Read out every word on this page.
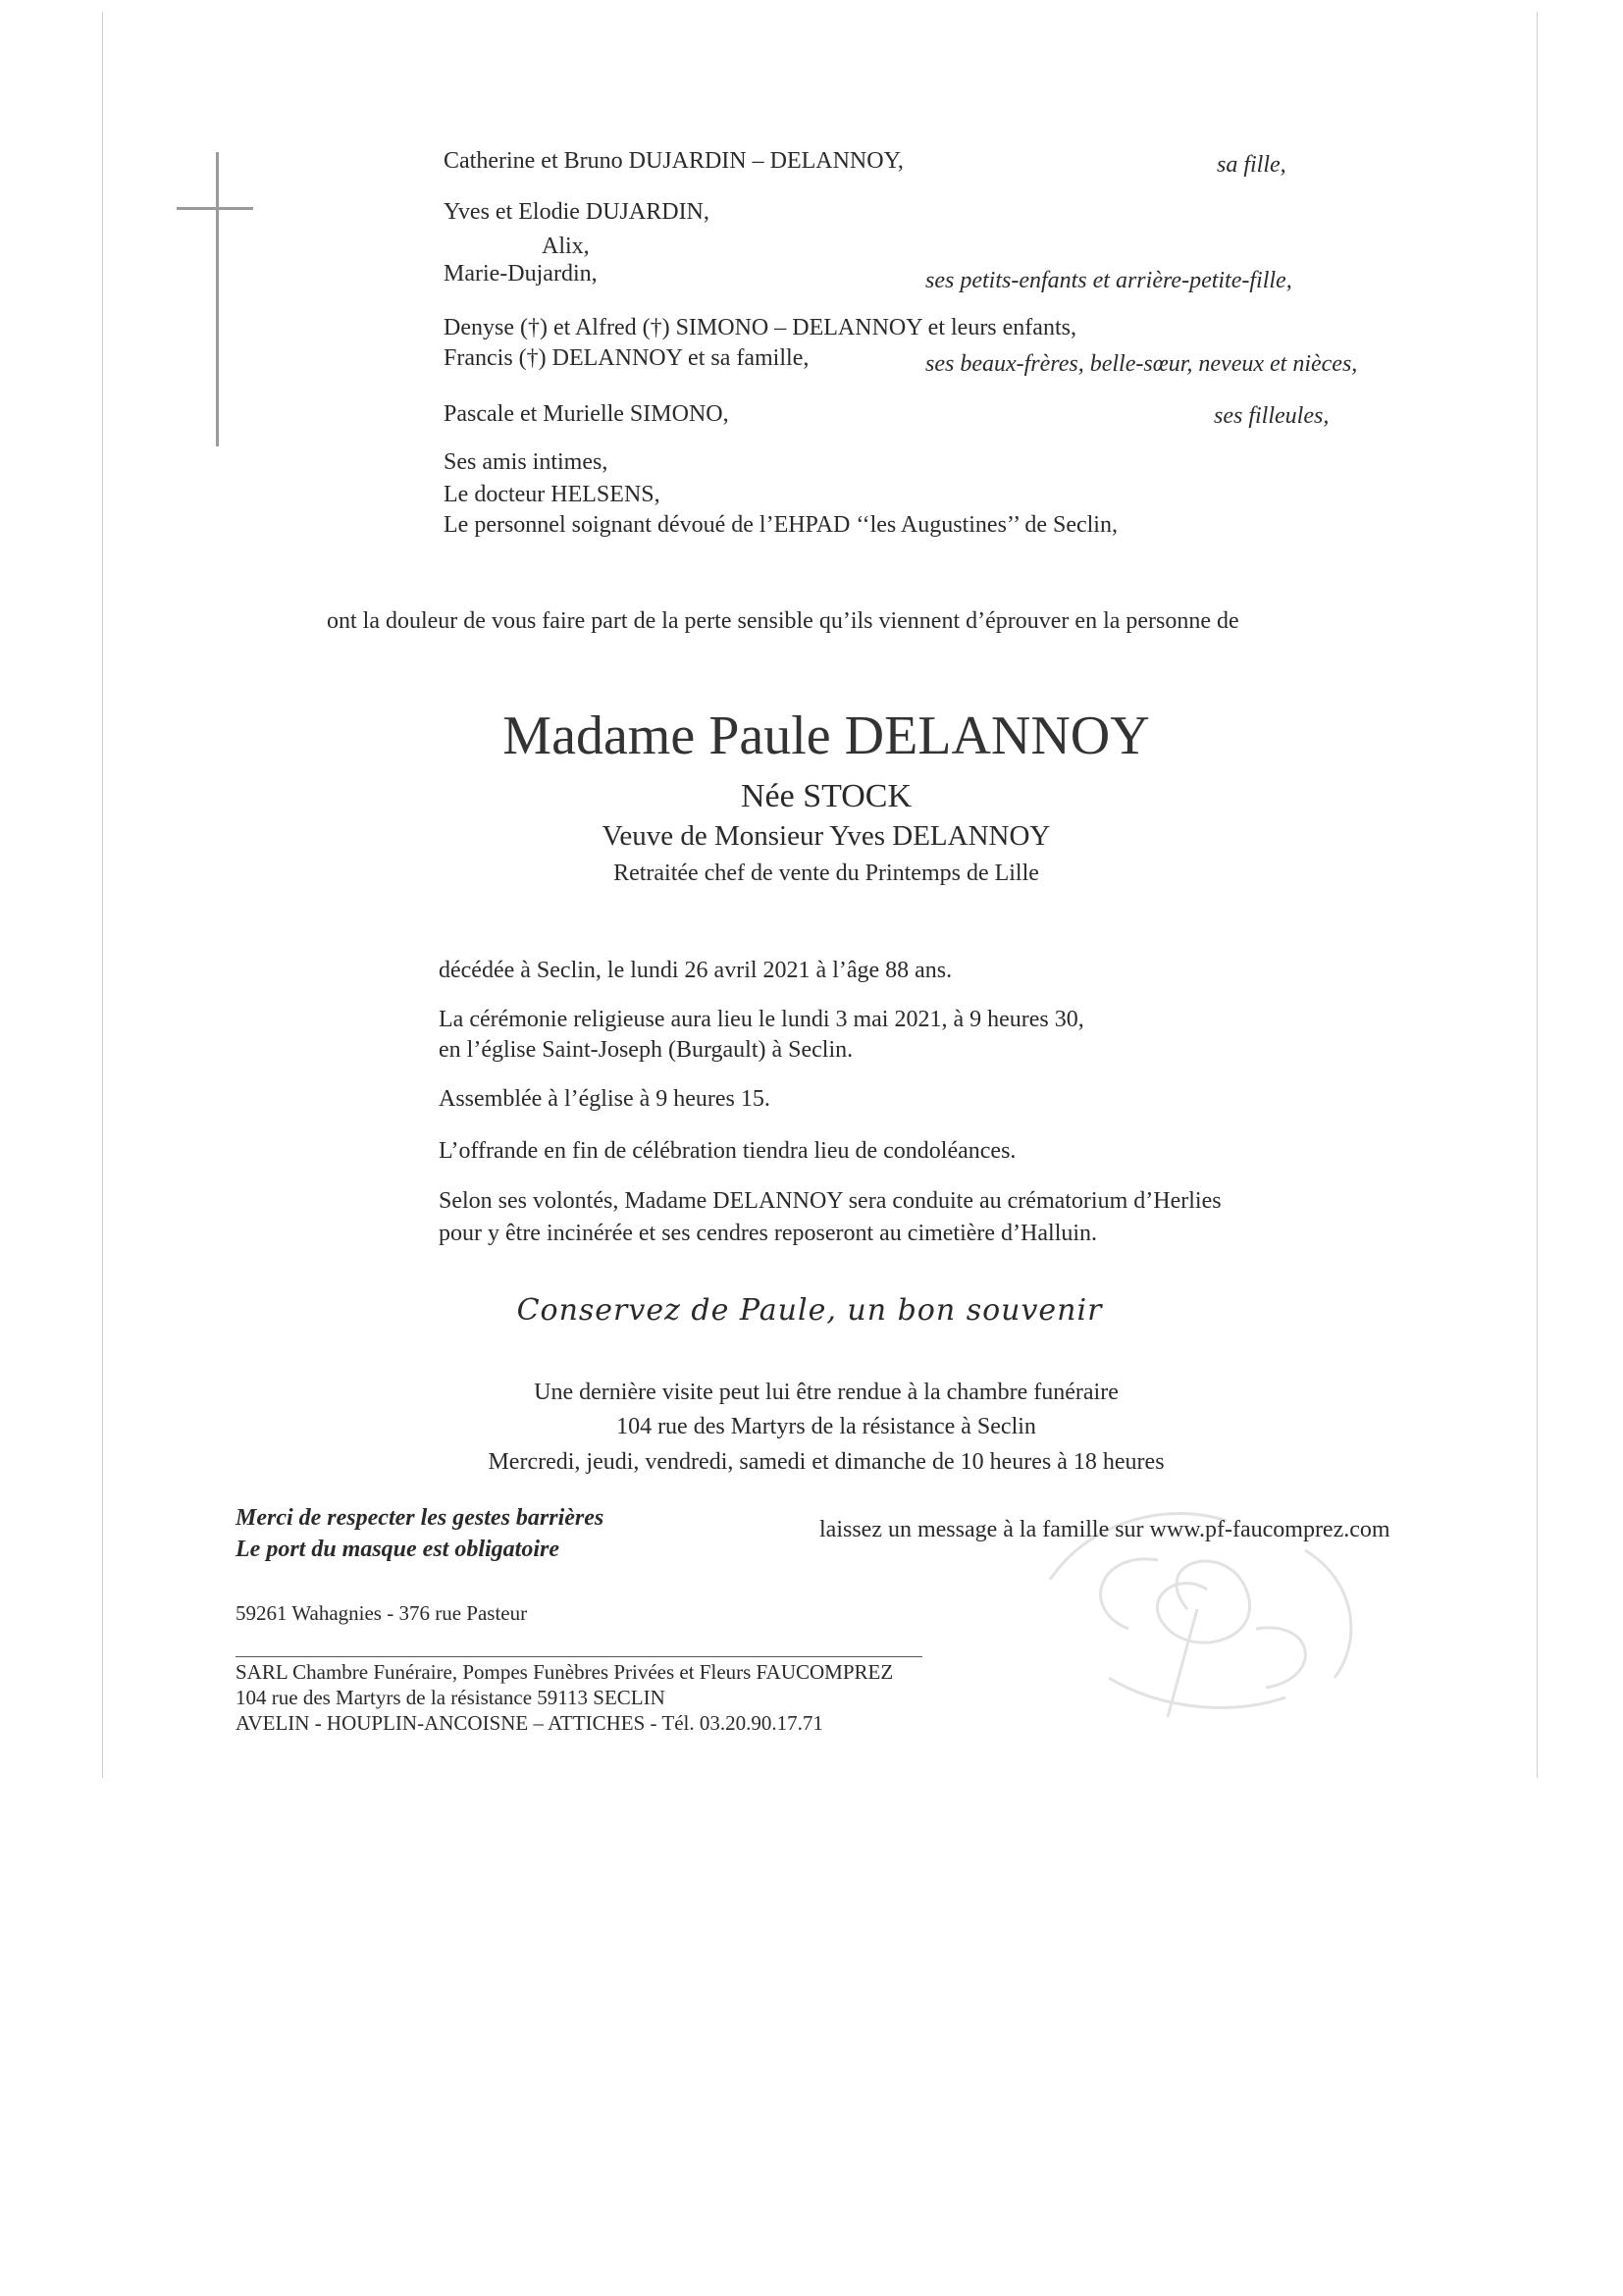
Catherine et Bruno DUJARDIN – DELANNOY,	sa fille,
Yves et Elodie DUJARDIN,
Alix,
Marie-Dujardin,	ses petits-enfants et arrière-petite-fille,
Denyse (†) et Alfred (†) SIMONO – DELANNOY et leurs enfants,
Francis (†) DELANNOY et sa famille,	ses beaux-frères, belle-sœur, neveux et nièces,
Pascale et Murielle SIMONO,	ses filleules,
Ses amis intimes,
Le docteur HELSENS,
Le personnel soignant dévoué de l’EHPAD ‘‘les Augustines’’ de Seclin,
ont la douleur de vous faire part de la perte sensible qu’ils viennent d’éprouver en la personne de
Madame Paule DELANNOY
Née STOCK
Veuve de Monsieur Yves DELANNOY
Retraitée chef de vente du Printemps de Lille
décédée à Seclin, le lundi 26 avril 2021 à l’âge 88 ans.
La cérémonie religieuse aura lieu le lundi 3 mai 2021, à 9 heures 30,
en l’église Saint-Joseph (Burgault) à Seclin.
Assemblée à l’église à 9 heures 15.
L’offrande en fin de célébration tiendra lieu de condoléances.
Selon ses volontés, Madame DELANNOY sera conduite au crématorium d’Herlies
pour y être incinérée et ses cendres reposeront au cimetière d’Halluin.
Conservez de Paule, un bon souvenir
Une dernière visite peut lui être rendue à la chambre funéraire
104 rue des Martyrs de la résistance à Seclin
Mercredi, jeudi, vendredi, samedi et dimanche de 10 heures à 18 heures
Merci de respecter les gestes barrières
Le port du masque est obligatoire
laissez un message à la famille sur www.pf-faucomprez.com
59261 Wahagnies - 376 rue Pasteur
SARL Chambre Funéraire, Pompes Funèbres Privées et Fleurs FAUCOMPREZ
104 rue des Martyrs de la résistance 59113 SECLIN
AVELIN - HOUPLIN-ANCOISNE – ATTICHES - Tél. 03.20.90.17.71
